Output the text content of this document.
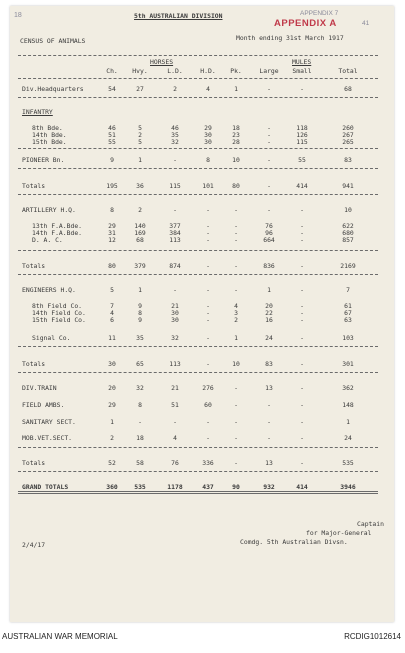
18	5th AUSTRALIAN DIVISION	APPENDIX 7
APPENDIX A	41
CENSUS OF ANIMALS	Month ending 31st March 1917
HORSES	MULES
Ch.	Hvy.	L.D.	H.D.	Pk.	Large	Small	Total
Div.Headquarters	54	27	2	4	1	-	-	68
INFANTRY
8th Bde.	46	5	46	29	18	-	118	260
14th Bde.	51	2	35	30	23	-	126	267
15th Bde.	55	5	32	30	28	-	115	265
PIONEER Bn.	9	1	-	8	10	-	55	83
Totals	195	36	115	101	80	-	414	941
ARTILLERY H.Q.	8	2	-	-	-	-	-	10
13th F.A.Bde.	29	140	377	-	-	76	-	622
14th F.A.Bde.	31	169	384	-	-	96	-	680
D. A. C.	12	68	113	-	-	664	-	857
Totals	80	379	874	-	-	836	-	2169
ENGINEERS H.Q.	5	1	-	-	-	1	-	7
8th Field Co.	7	9	21	-	4	20	-	61
14th Field Co.	4	8	30	-	3	22	-	67
15th Field Co.	6	9	30	-	2	16	-	63
Signal Co.	11	35	32	-	1	24	-	103
Totals	30	65	113	-	10	83	-	301
DIV.TRAIN	20	32	21	276	-	13	-	362
FIELD AMBS.	29	8	51	60	-	-	-	148
SANITARY SECT.	1	-	-	-	-	-	-	1
MOB.VET.SECT.	2	18	4	-	-	-	-	24
Totals	52	58	76	336	-	13	-	535
GRAND TOTALS	360	535	1178	437	90	932	414	3946
Captain
for Major-General
Comdg. 5th Australian Divsn.
2/4/17
AUSTRALIAN WAR MEMORIAL	RCDIG1012614
